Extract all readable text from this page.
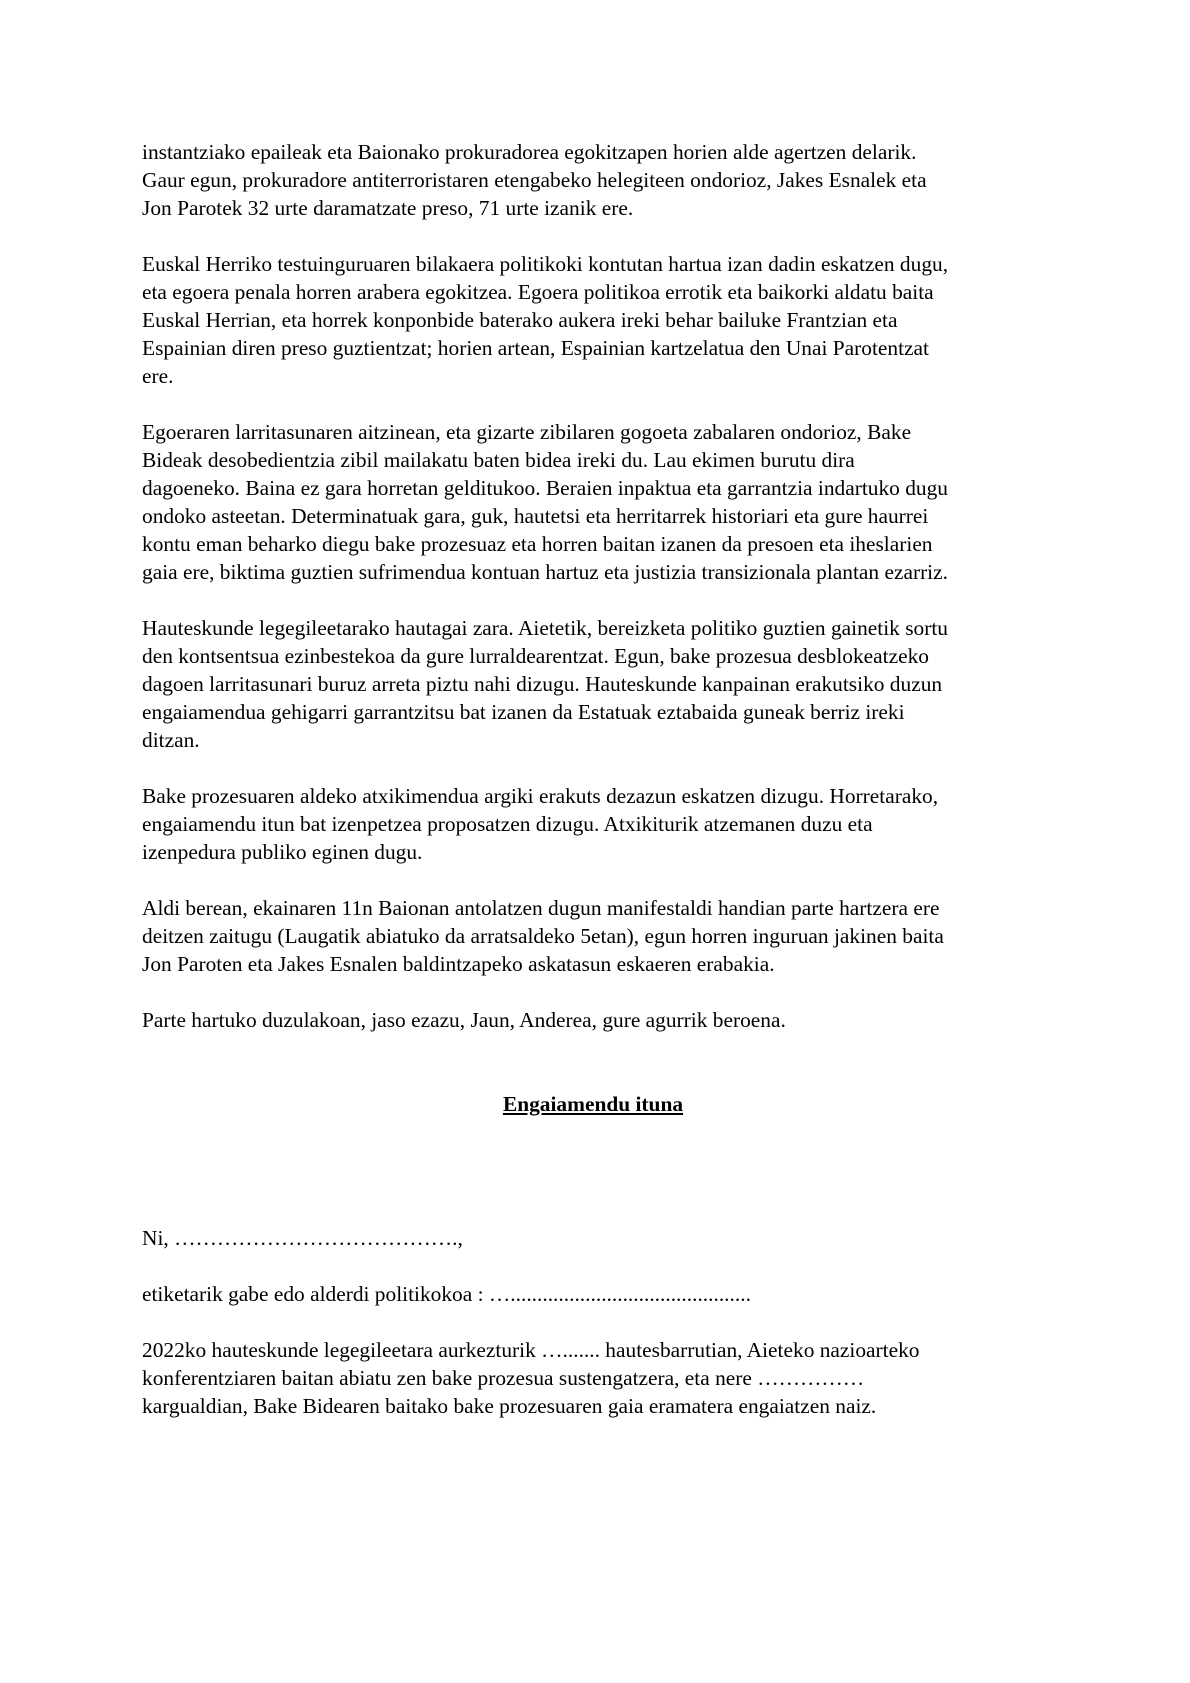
instantziako epaileak eta Baionako prokuradorea egokitzapen horien alde agertzen delarik.
Gaur egun, prokuradore antiterroristaren etengabeko helegiteen ondorioz, Jakes Esnalek eta
Jon Parotek 32 urte daramatzate preso, 71 urte izanik ere.

Euskal Herriko testuinguruaren bilakaera politikoki kontutan hartua izan dadin eskatzen dugu,
eta egoera penala horren arabera egokitzea. Egoera politikoa errotik eta baikorki aldatu baita
Euskal Herrian, eta horrek konponbide baterako aukera ireki behar bailuke Frantzian eta
Espainian diren preso guztientzat; horien artean, Espainian kartzelatua den Unai Parotentzat
ere.

Egoeraren larritasunaren aitzinean, eta gizarte zibilaren gogoeta zabalaren ondorioz, Bake
Bideak desobedientzia zibil mailakatu baten bidea ireki du. Lau ekimen burutu dira
dagoeneko. Baina ez gara horretan gelditukoo. Beraien inpaktua eta garrantzia indartuko dugu
ondoko asteetan. Determinatuak gara, guk, hautetsi eta herritarrek historiari eta gure haurrei
kontu eman beharko diegu bake prozesuaz eta horren baitan izanen da presoen eta iheslarien
gaia ere, biktima guztien sufrimendua kontuan hartuz eta justizia transizionala plantan ezarriz.

Hauteskunde legegileetarako hautagai zara. Aietetik, bereizketa politiko guztien gainetik sortu
den kontsentsua ezinbestekoa da gure lurraldearentzat. Egun, bake prozesua desblokeatzeko
dagoen larritasunari buruz arreta piztu nahi dizugu. Hauteskunde kanpainan erakutsiko duzun
engaiamendua gehigarri garrantzitsu bat izanen da Estatuak eztabaida guneak berriz ireki
ditzan.

Bake prozesuaren aldeko atxikimendua argiki erakuts dezazun eskatzen dizugu. Horretarako,
engaiamendu itun bat izenpetzea proposatzen dizugu. Atxikiturik atzemanen duzu eta
izenpedura publiko eginen dugu.

Aldi berean, ekainaren 11n Baionan antolatzen dugun manifestaldi handian parte hartzera ere
deitzen zaitugu (Laugatik abiatuko da arratsaldeko 5etan), egun horren inguruan jakinen baita
Jon Paroten eta Jakes Esnalen baldintzapeko askatasun eskaeren erabakia.

Parte hartuko duzulakoan, jaso ezazu, Jaun, Anderea, gure agurrik beroena.

Engaiamendu ituna

Ni, ………………………………….,

etiketarik gabe edo alderdi politikokoa : ….............................................

2022ko hauteskunde legegileetara aurkezturik …....... hautesbarrutian, Aieteko nazioarteko
konferentziaren baitan abiatu zen bake prozesua sustengatzera, eta nere ……………
kargualdian, Bake Bidearen baitako bake prozesuaren gaia eramatera engaiatzen naiz.
